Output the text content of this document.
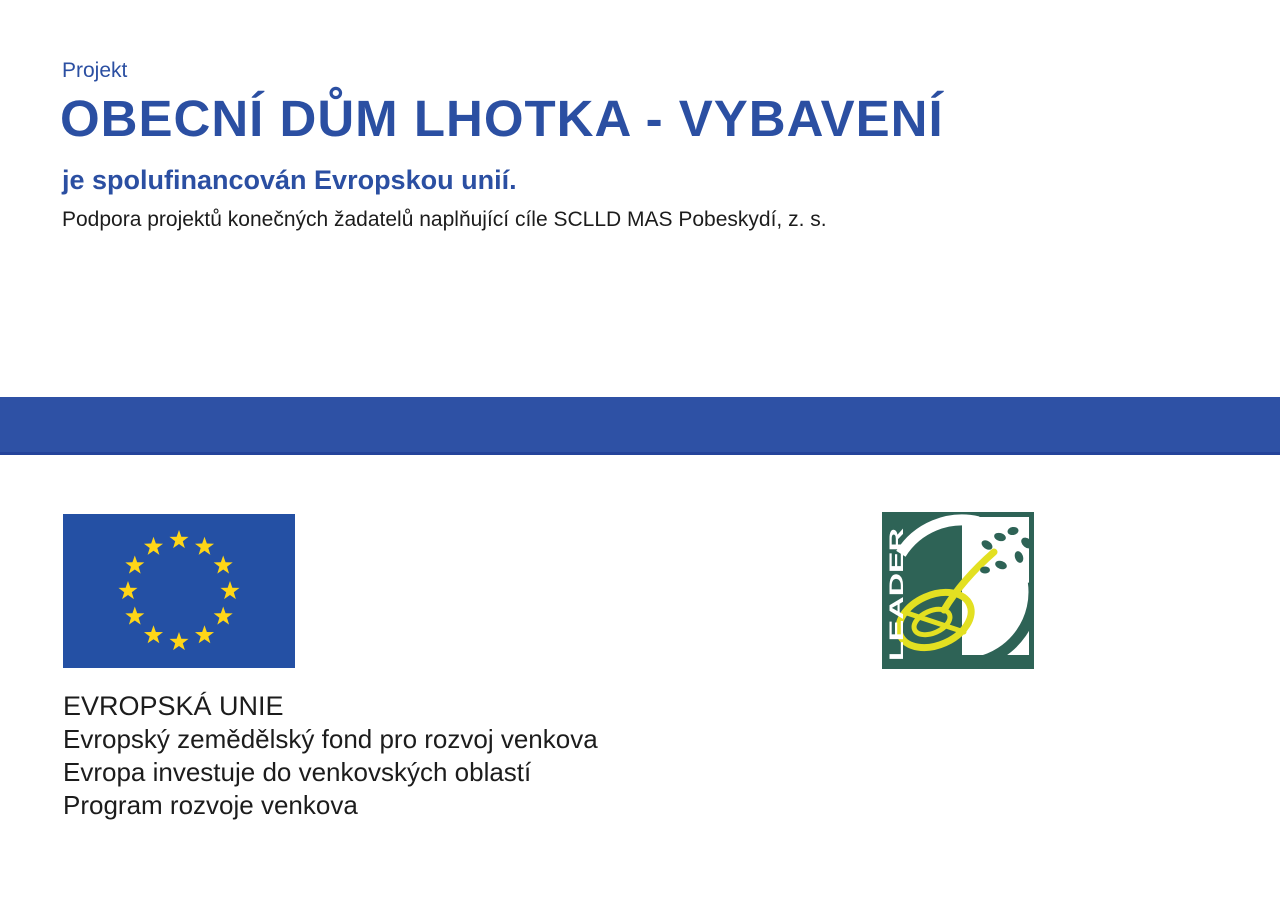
Projekt
OBECNÍ DŮM LHOTKA - VYBAVENÍ
je spolufinancován Evropskou unií.
Podpora projektů konečných žadatelů naplňující cíle SCLLD MAS Pobeskydí, z. s.
EVROPSKÁ UNIE
Evropský zemědělský fond pro rozvoj venkova
Evropa investuje do venkovských oblastí
Program rozvoje venkova
LEADER
